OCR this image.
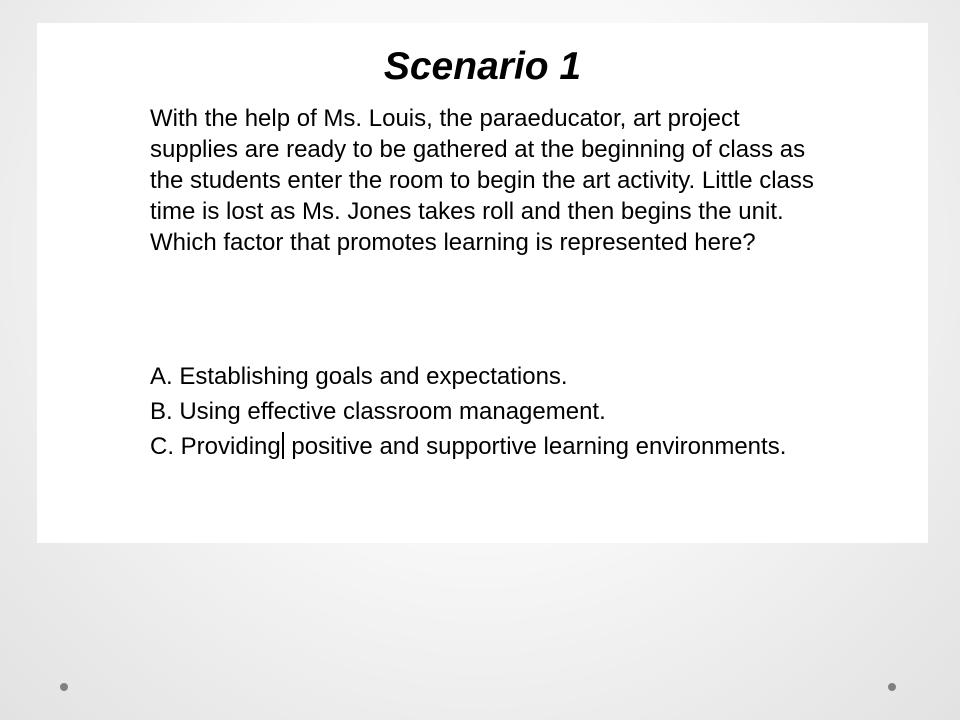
Scenario 1

With the help of Ms. Louis, the paraeducator, art project supplies are ready to be gathered at the beginning of class as the students enter the room to begin the art activity. Little class time is lost as Ms. Jones takes roll and then begins the unit. Which factor that promotes learning is represented here?

A. Establishing goals and expectations.
B. Using effective classroom management.
C. Providing positive and supportive learning environments.
